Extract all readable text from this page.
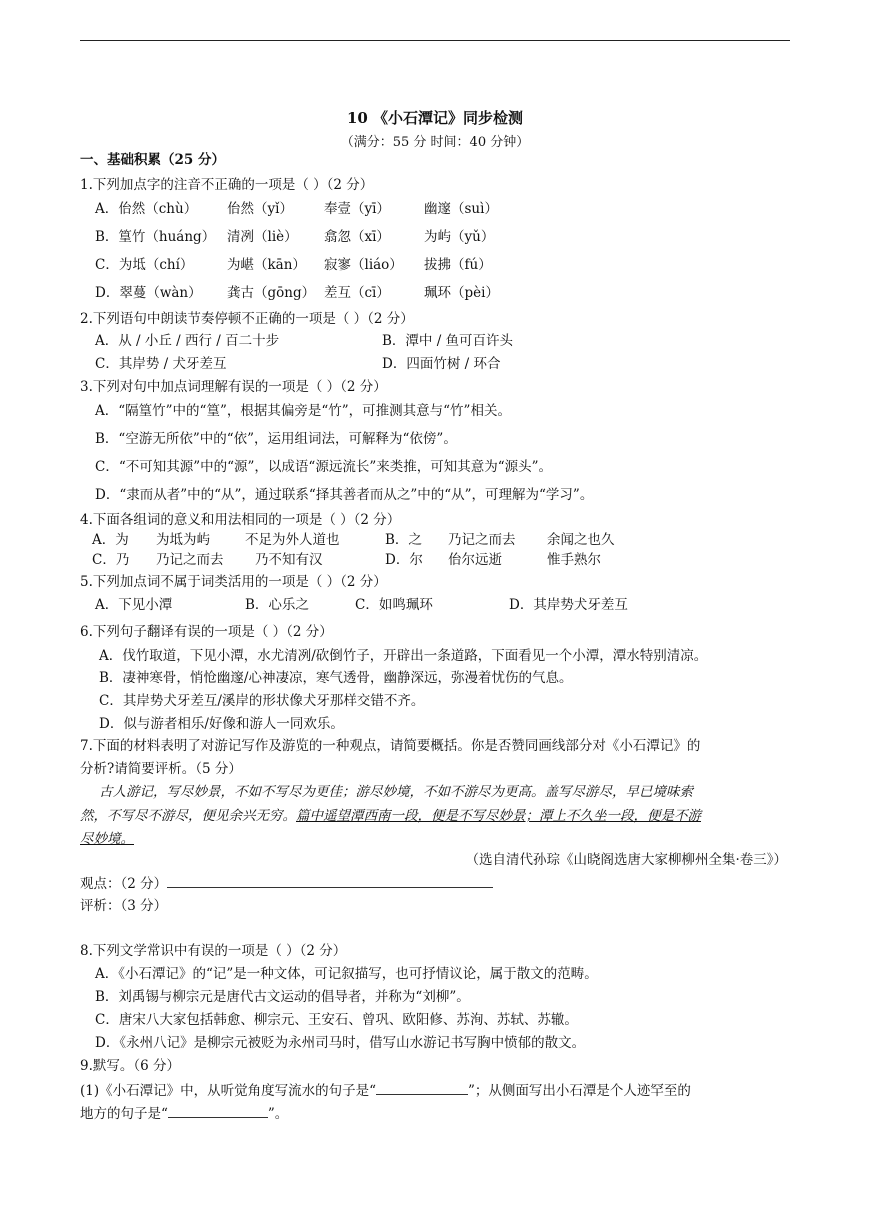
10 《小石潭记》同步检测
（满分：55 分 时间：40 分钟）
一、基础积累（25 分）
1.下列加点字的注音不正确的一项是（ ）（2 分）
A．佁然（chù） 佁然（yǐ） 奉壹（yī）	幽邃（suì）
B．篁竹（huáng） 清冽（liè） 翕忽（xī）	为屿（yǔ）
C．为坻（chí） 为嵁（kān） 寂寥（liáo） 拔拂（fú）
D．翠蔓（wàn） 龚古（gōng） 差互（cī）	珮环（pèi）
2.下列语句中朗读节奏停顿不正确的一项是（ ）（2 分）
A．从 / 小丘 / 西行 / 百二十步	B．潭中 / 鱼可百许头
C．其岸势 / 犬牙差互	D．四面竹树 / 环合
3.下列对句中加点词理解有误的一项是（ ）（2 分）
A．“隔篁竹”中的“篁”，根据其偏旁是“竹”，可推测其意与“竹”相关。
B．“空游无所依”中的“依”，运用组词法，可解释为“依傍”。
C．“不可知其源”中的“源”，以成语“源远流长”来类推，可知其意为“源头”。
D．“隶而从者”中的“从”，通过联系“择其善者而从之”中的“从”，可理解为“学习”。
4.下面各组词的意义和用法相同的一项是（ ）（2 分）
A．为 为坻为屿	不足为外人道也	B．之 乃记之而去 余闻之也久
C．乃 乃记之而去 乃不知有汉	D．尔 佁尔远逝	惟手熟尔
5.下列加点词不属于词类活用的一项是（ ）（2 分）
A．下见小潭	B．心乐之	C．如鸣珮环	D．其岸势犬牙差互
6.下列句子翻译有误的一项是（ ）（2 分）
A．伐竹取道，下见小潭，水尤清冽/砍倒竹子，开辟出一条道路，下面看见一个小潭，潭水特别清凉。
B．凄神寒骨，悄怆幽邃/心神凄凉，寒气透骨，幽静深远，弥漫着忧伤的气息。
C．其岸势犬牙差互/溪岸的形状像犬牙那样交错不齐。
D．似与游者相乐/好像和游人一同欢乐。
7.下面的材料表明了对游记写作及游览的一种观点，请简要概括。你是否赞同画线部分对《小石潭记》的
分析?请简要评析。（5 分）
古人游记，写尽妙景，不如不写尽为更佳；游尽妙境，不如不游尽为更高。盖写尽游尽，早已境味索
然，不写尽不游尽，便见余兴无穷。篇中遥望潭西南一段，便是不写尽妙景；潭上不久坐一段，便是不游
尽妙境。
（选自清代孙琮《山晓阁选唐大家柳柳州全集·卷三》）
观点：（2 分）
评析：（3 分）
8.下列文学常识中有误的一项是（ ）（2 分）
A．《小石潭记》的“记”是一种文体，可记叙描写，也可抒情议论，属于散文的范畴。
B．刘禹锡与柳宗元是唐代古文运动的倡导者，并称为“刘柳”。
C．唐宋八大家包括韩愈、柳宗元、王安石、曾巩、欧阳修、苏洵、苏轼、苏辙。
D．《永州八记》是柳宗元被贬为永州司马时，借写山水游记书写胸中愤郁的散文。
9.默写。（6 分）
(1)《小石潭记》中，从听觉角度写流水的句子是“	”；从侧面写出小石潭是个人迹罕至的
地方的句子是“	”。
